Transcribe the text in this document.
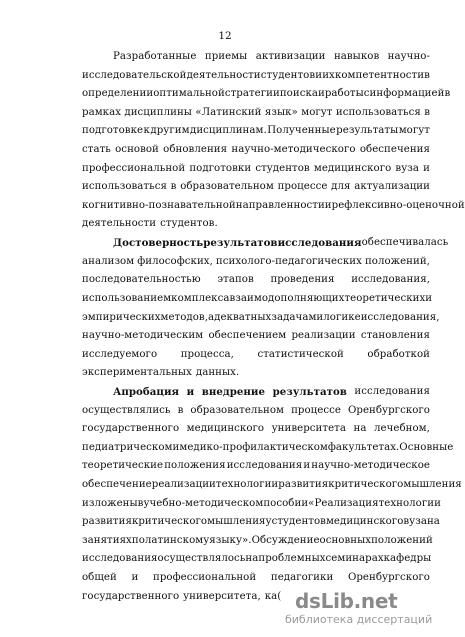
12
Разработанные приемы активизации навыков научно-
исследовательской деятельности студентов и их компетентности в
определении оптимальной стратегии поиска и работы с информацией в
рамках дисциплины «Латинский язык» могут использоваться в
подготовке к другим дисциплинам. Полученные результаты могут
стать основой обновления научно-методического обеспечения
профессиональной подготовки студентов медицинского вуза и
использоваться в образовательном процессе для актуализации
когнитивно-познавательной направленности и рефлексивно-оценочной
деятельности студентов.
Достоверность результатов исследования обеспечивалась
анализом философских, психолого-педагогических положений,
последовательностью этапов проведения исследования,
использованием комплекса взаимодополняющих теоретических и
эмпирических методов, адекватных задачам и логике исследования,
научно-методическим обеспечением реализации становления
исследуемого процесса, статистической обработкой
экспериментальных данных.
Апробация и внедрение результатов исследования
осуществлялись в образовательном процессе Оренбургского
государственного медицинского университета на лечебном,
педиатрическом и медико-профилактическом факультетах. Основные
теоретические положения исследования и научно-методическое
обеспечение реализации технологии развития критического мышления
изложены в учебно-методическом пособии «Реализация технологии
развития критического мышления у студентов медицинского вуза на
занятиях по латинскому языку». Обсуждение основных положений
исследования осуществлялось на проблемных семинарах кафедры
общей и профессиональной педагогики Оренбургского
государственного университета, ка( dsLib.net
библиотека диссертаций
